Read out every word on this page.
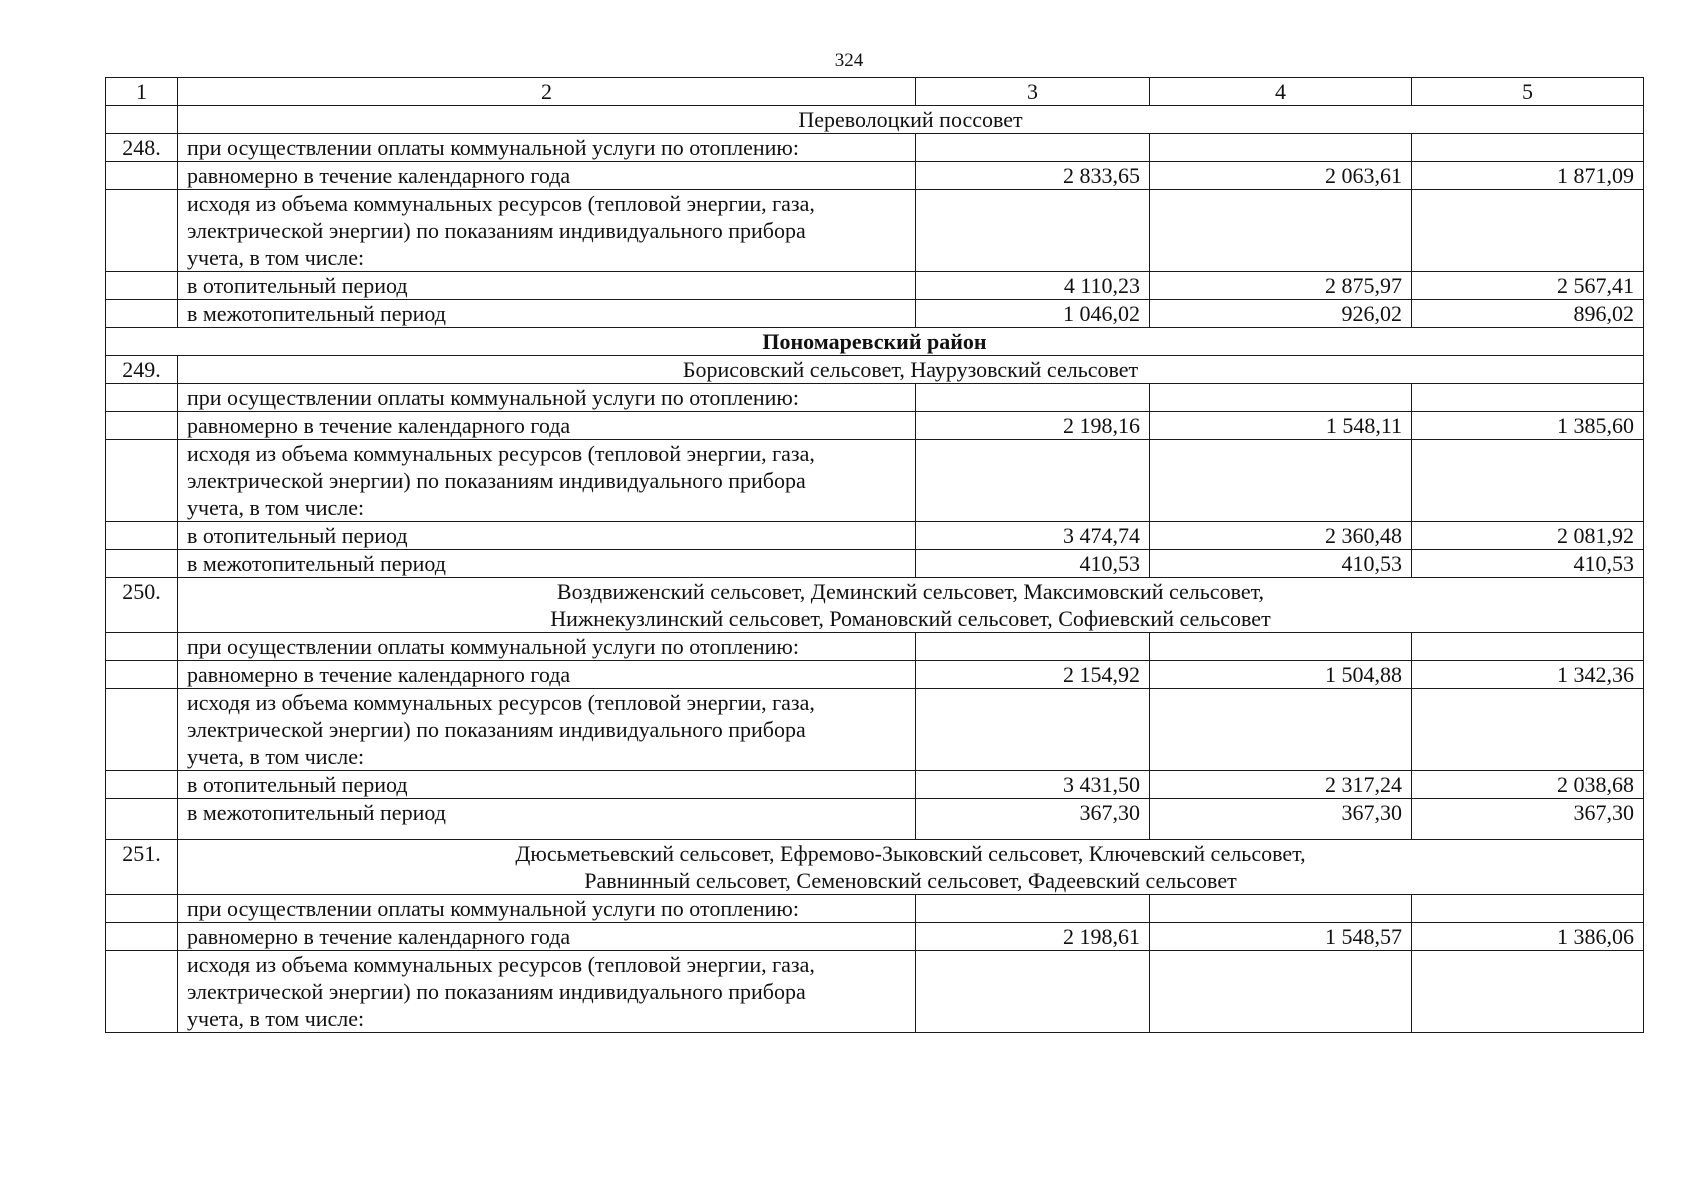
324
1	2	3	4	5
	Переволоцкий поссовет			
248.	при осуществлении оплаты коммунальной услуги по отоплению:			
	равномерно в течение календарного года	2 833,65	2 063,61	1 871,09

	исходя из объема коммунальных ресурсов (тепловой энергии, газа,
электрической энергии) по показаниям индивидуального прибора
учета, в том числе:			

	в отопительный период	4 110,23	2 875,97	2 567,41
	в межотопительный период	1 046,02	926,02	896,02
Пономаревский район				
249.	Борисовский сельсовет, Наурузовский сельсовет			
	при осуществлении оплаты коммунальной услуги по отоплению:			
	равномерно в течение календарного года	2 198,16	1 548,11	1 385,60

	исходя из объема коммунальных ресурсов (тепловой энергии, газа,
электрической энергии) по показаниям индивидуального прибора
учета, в том числе:			

	в отопительный период	3 474,74	2 360,48	2 081,92
	в межотопительный период	410,53	410,53	410,53
250.	Воздвиженский сельсовет, Деминский сельсовет, Максимовский сельсовет,
Нижнекузлинский сельсовет, Романовский сельсовет, Софиевский сельсовет			

	при осуществлении оплаты коммунальной услуги по отоплению:			
	равномерно в течение календарного года	2 154,92	1 504,88	1 342,36

	исходя из объема коммунальных ресурсов (тепловой энергии, газа,
электрической энергии) по показаниям индивидуального прибора
учета, в том числе:			

	в отопительный период	3 431,50	2 317,24	2 038,68
	в межотопительный период	367,30	367,30	367,30
251.	Дюсьметьевский сельсовет, Ефремово-Зыковский сельсовет, Ключевский сельсовет,
Равнинный сельсовет, Семеновский сельсовет, Фадеевский сельсовет			

	при осуществлении оплаты коммунальной услуги по отоплению:			
	равномерно в течение календарного года	2 198,61	1 548,57	1 386,06

	исходя из объема коммунальных ресурсов (тепловой энергии, газа,
электрической энергии) по показаниям индивидуального прибора
учета, в том числе:			
